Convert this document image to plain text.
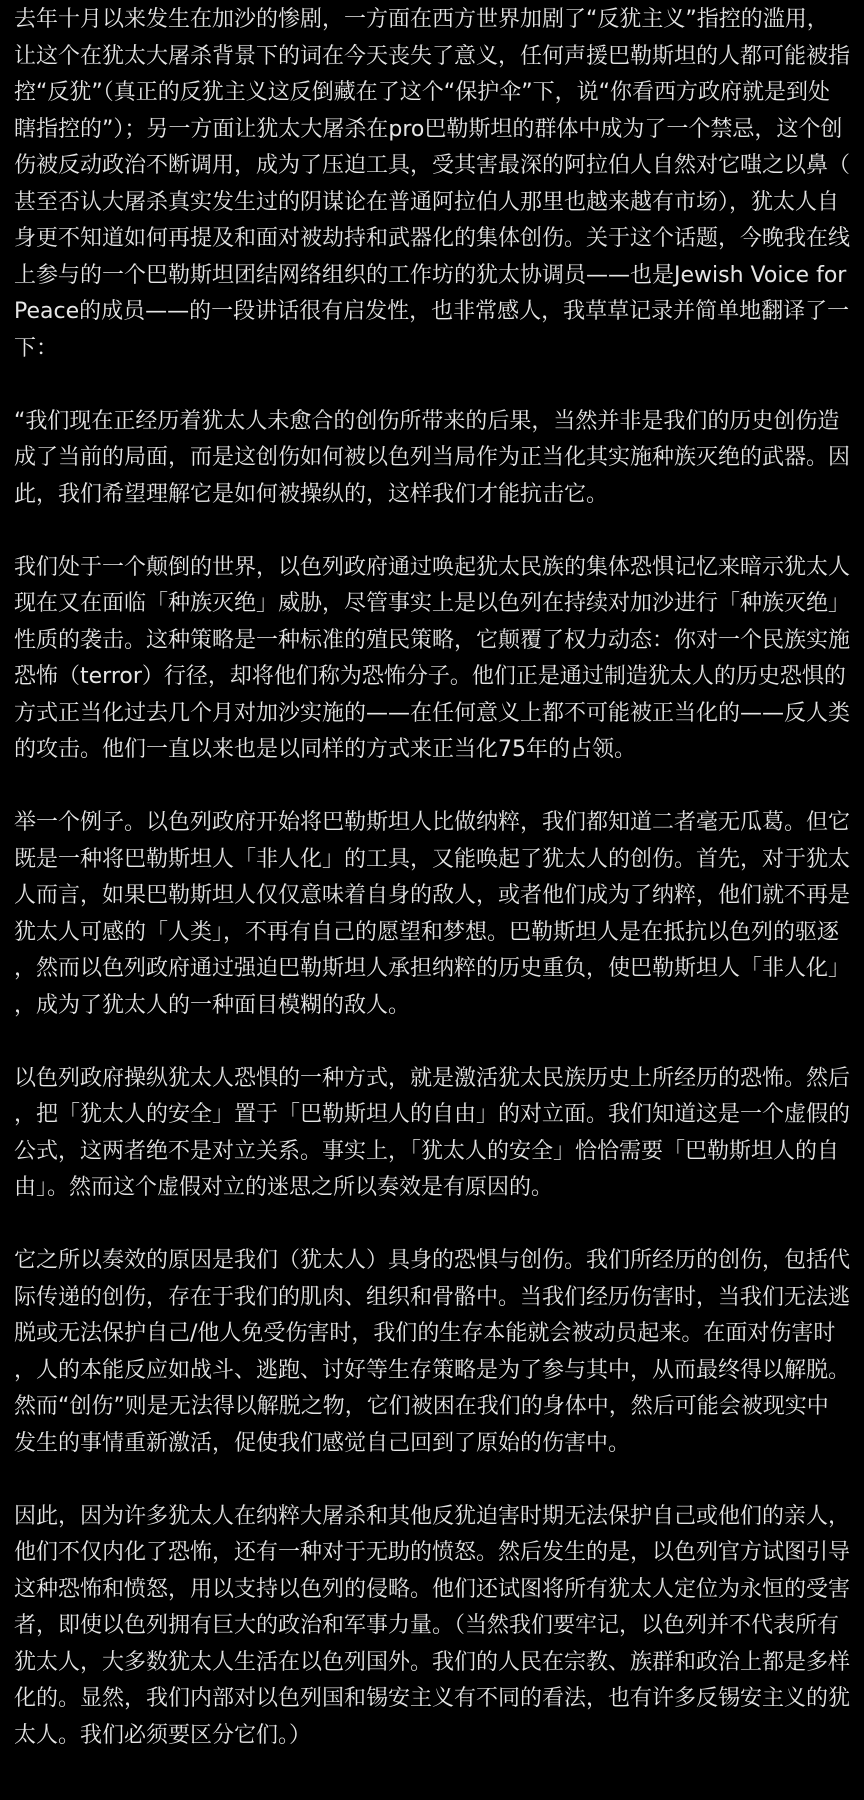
去年十月以来发生在加沙的惨剧，一方面在西方世界加剧了“反犹主义”指控的滥用，让这个在犹太大屠杀背景下的词在今天丧失了意义，任何声援巴勒斯坦的人都可能被指控“反犹”（真正的反犹主义这反倒藏在了这个“保护伞”下，说“你看西方政府就是到处瞎指控的”）；另一方面让犹太大屠杀在pro巴勒斯坦的群体中成为了一个禁忌，这个创伤被反动政治不断调用，成为了压迫工具，受其害最深的阿拉伯人自然对它嗤之以鼻（甚至否认大屠杀真实发生过的阴谋论在普通阿拉伯人那里也越来越有市场），犹太人自身更不知道如何再提及和面对被劫持和武器化的集体创伤。关于这个话题，今晚我在线上参与的一个巴勒斯坦团结网络组织的工作坊的犹太协调员——也是Jewish Voice for Peace的成员——的一段讲话很有启发性，也非常感人，我草草记录并简单地翻译了一下：

“我们现在正经历着犹太人未愈合的创伤所带来的后果，当然并非是我们的历史创伤造成了当前的局面，而是这创伤如何被以色列当局作为正当化其实施种族灭绝的武器。因此，我们希望理解它是如何被操纵的，这样我们才能抗击它。

我们处于一个颠倒的世界，以色列政府通过唤起犹太民族的集体恐惧记忆来暗示犹太人现在又在面临「种族灭绝」威胁，尽管事实上是以色列在持续对加沙进行「种族灭绝」性质的袭击。这种策略是一种标准的殖民策略，它颠覆了权力动态：你对一个民族实施恐怖（terror）行径，却将他们称为恐怖分子。他们正是通过制造犹太人的历史恐惧的方式正当化过去几个月对加沙实施的——在任何意义上都不可能被正当化的——反人类的攻击。他们一直以来也是以同样的方式来正当化75年的占领。

举一个例子。以色列政府开始将巴勒斯坦人比做纳粹，我们都知道二者毫无瓜葛。但它既是一种将巴勒斯坦人「非人化」的工具，又能唤起了犹太人的创伤。首先，对于犹太人而言，如果巴勒斯坦人仅仅意味着自身的敌人，或者他们成为了纳粹，他们就不再是犹太人可感的「人类」，不再有自己的愿望和梦想。巴勒斯坦人是在抵抗以色列的驱逐，然而以色列政府通过强迫巴勒斯坦人承担纳粹的历史重负，使巴勒斯坦人「非人化」，成为了犹太人的一种面目模糊的敌人。

以色列政府操纵犹太人恐惧的一种方式，就是激活犹太民族历史上所经历的恐怖。然后，把「犹太人的安全」置于「巴勒斯坦人的自由」的对立面。我们知道这是一个虚假的公式，这两者绝不是对立关系。事实上，「犹太人的安全」恰恰需要「巴勒斯坦人的自由」。然而这个虚假对立的迷思之所以奏效是有原因的。

它之所以奏效的原因是我们（犹太人）具身的恐惧与创伤。我们所经历的创伤，包括代际传递的创伤，存在于我们的肌肉、组织和骨骼中。当我们经历伤害时，当我们无法逃脱或无法保护自己/他人免受伤害时，我们的生存本能就会被动员起来。在面对伤害时，人的本能反应如战斗、逃跑、讨好等生存策略是为了参与其中，从而最终得以解脱。然而“创伤”则是无法得以解脱之物，它们被困在我们的身体中，然后可能会被现实中发生的事情重新激活，促使我们感觉自己回到了原始的伤害中。

因此，因为许多犹太人在纳粹大屠杀和其他反犹迫害时期无法保护自己或他们的亲人，他们不仅内化了恐怖，还有一种对于无助的愤怒。然后发生的是，以色列官方试图引导这种恐怖和愤怒，用以支持以色列的侵略。他们还试图将所有犹太人定位为永恒的受害者，即使以色列拥有巨大的政治和军事力量。（当然我们要牢记，以色列并不代表所有犹太人，大多数犹太人生活在以色列国外。我们的人民在宗教、族群和政治上都是多样化的。显然，我们内部对以色列国和锡安主义有不同的看法，也有许多反锡安主义的犹太人。我们必须要区分它们。）
